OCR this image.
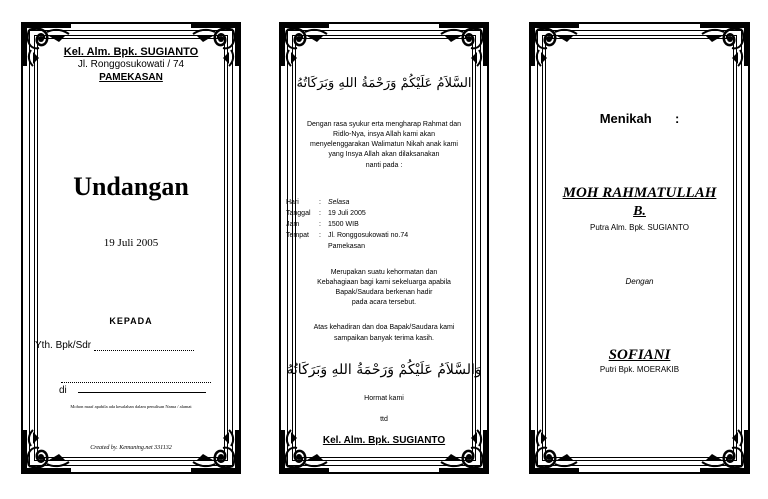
Kel. Alm. Bpk. SUGIANTO
Jl. Ronggosukowati / 74
PAMEKASAN
Undangan
19 Juli 2005
KEPADA
Yth. Bpk/Sdr
di
Mohon maaf apabila ada kesalahan dalam penulisan Nama / alamat
Created by. Kemuning.net 331132
السَّلاَمُ عَلَيْكُمْ وَرَحْمَةُ اللهِ وَبَرَكَاتُهُ
Dengan rasa syukur erta mengharap Rahmat dan
Ridlo-Nya, insya Allah kami akan
menyelenggarakan Walimatun Nikah anak kami
yang Insya Allah akan dilaksanakan
nanti pada :
Hari	: Selasa
Tanggal : 19 Juli 2005
Jam	: 1500 WIB
Tempat : Jl. Ronggosukowati no.74
Pamekasan
Merupakan suatu kehormatan dan
Kebahagiaan bagi kami sekeluarga apabila
Bapak/Saudara berkenan hadir
pada acara tersebut.
Atas kehadiran dan doa Bapak/Saudara kami
sampaikan banyak terima kasih.
وَالسَّلاَمُ عَلَيْكُمْ وَرَحْمَةُ اللهِ وَبَرَكَاتُهُ
Hormat kami
ttd
Kel. Alm. Bpk. SUGIANTO
Menikah :
MOH RAHMATULLAH
B.
Putra Alm. Bpk. SUGIANTO
Dengan
SOFIANI
Putri Bpk. MOERAKIB
